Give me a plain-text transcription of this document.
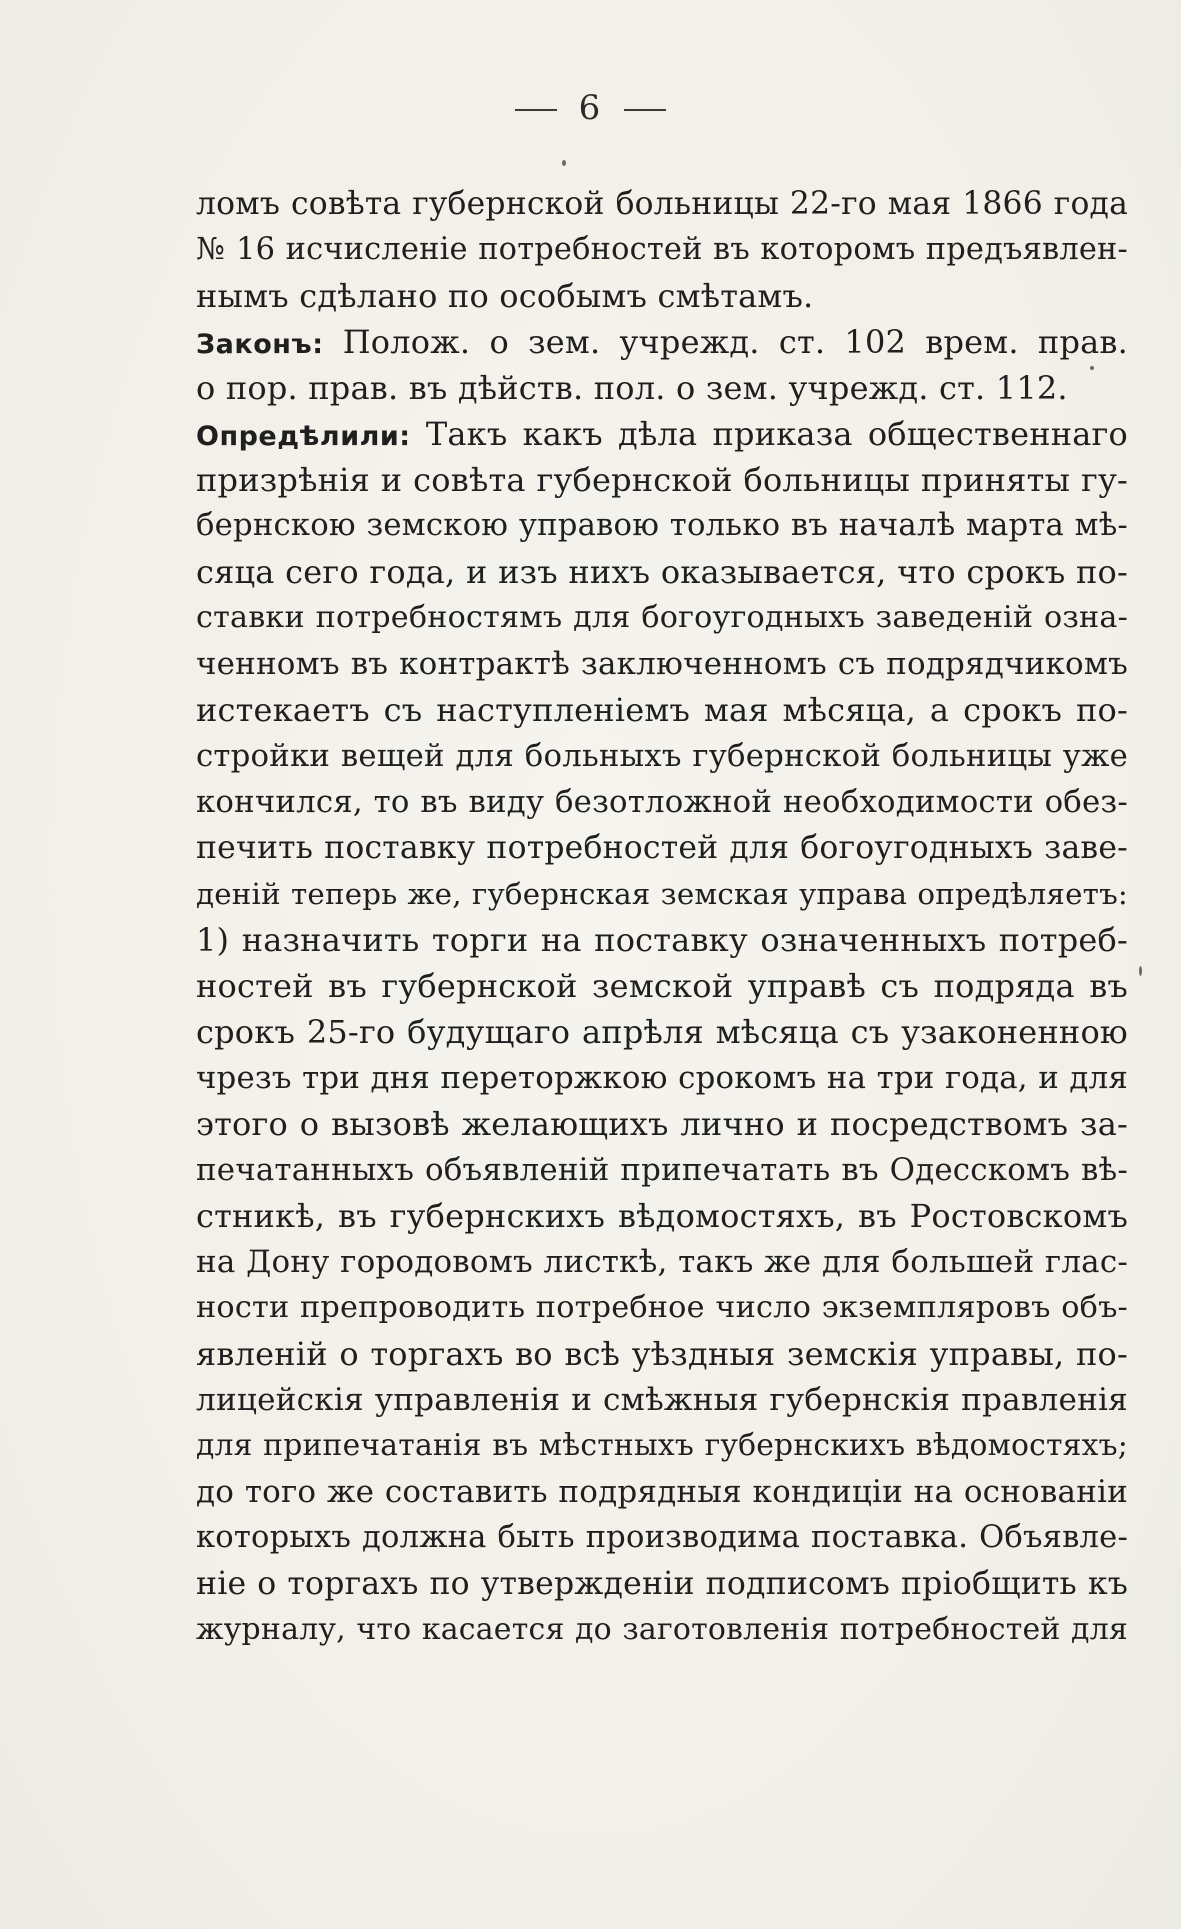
6
ломъ совѣта губернской больницы 22-го мая 1866 года
№ 16 исчисленіе потребностей въ которомъ предъявлен-
нымъ сдѣлано по особымъ смѣтамъ.
Законъ: Полож. о зем. учрежд. ст. 102 врем. прав.
о пор. прав. въ дѣйств. пол. о зем. учрежд. ст. 112.
Опредѣлили: Такъ какъ дѣла приказа общественнаго
призрѣнія и совѣта губернской больницы приняты гу-
бернскою земскою управою только въ началѣ марта мѣ-
сяца сего года, и изъ нихъ оказывается, что срокъ по-
ставки потребностямъ для богоугодныхъ заведеній озна-
ченномъ въ контрактѣ заключенномъ съ подрядчикомъ
истекаетъ съ наступленіемъ мая мѣсяца, а срокъ по-
стройки вещей для больныхъ губернской больницы уже
кончился, то въ виду безотложной необходимости обез-
печить поставку потребностей для богоугодныхъ заве-
деній теперь же, губернская земская управа опредѣляетъ:
1) назначить торги на поставку означенныхъ потреб-
ностей въ губернской земской управѣ съ подряда въ
срокъ 25-го будущаго апрѣля мѣсяца съ узаконенною
чрезъ три дня переторжкою срокомъ на три года, и для
этого о вызовѣ желающихъ лично и посредствомъ за-
печатанныхъ объявленій припечатать въ Одесскомъ вѣ-
стникѣ, въ губернскихъ вѣдомостяхъ, въ Ростовскомъ
на Дону городовомъ листкѣ, такъ же для большей глас-
ности препроводить потребное число экземпляровъ объ-
явленій о торгахъ во всѣ уѣздныя земскія управы, по-
лицейскія управленія и смѣжныя губернскія правленія
для припечатанія въ мѣстныхъ губернскихъ вѣдомостяхъ;
до того же составить подрядныя кондиціи на основаніи
которыхъ должна быть производима поставка. Объявле-
ніе о торгахъ по утвержденіи подписомъ пріобщить къ
журналу, что касается до заготовленія потребностей для
